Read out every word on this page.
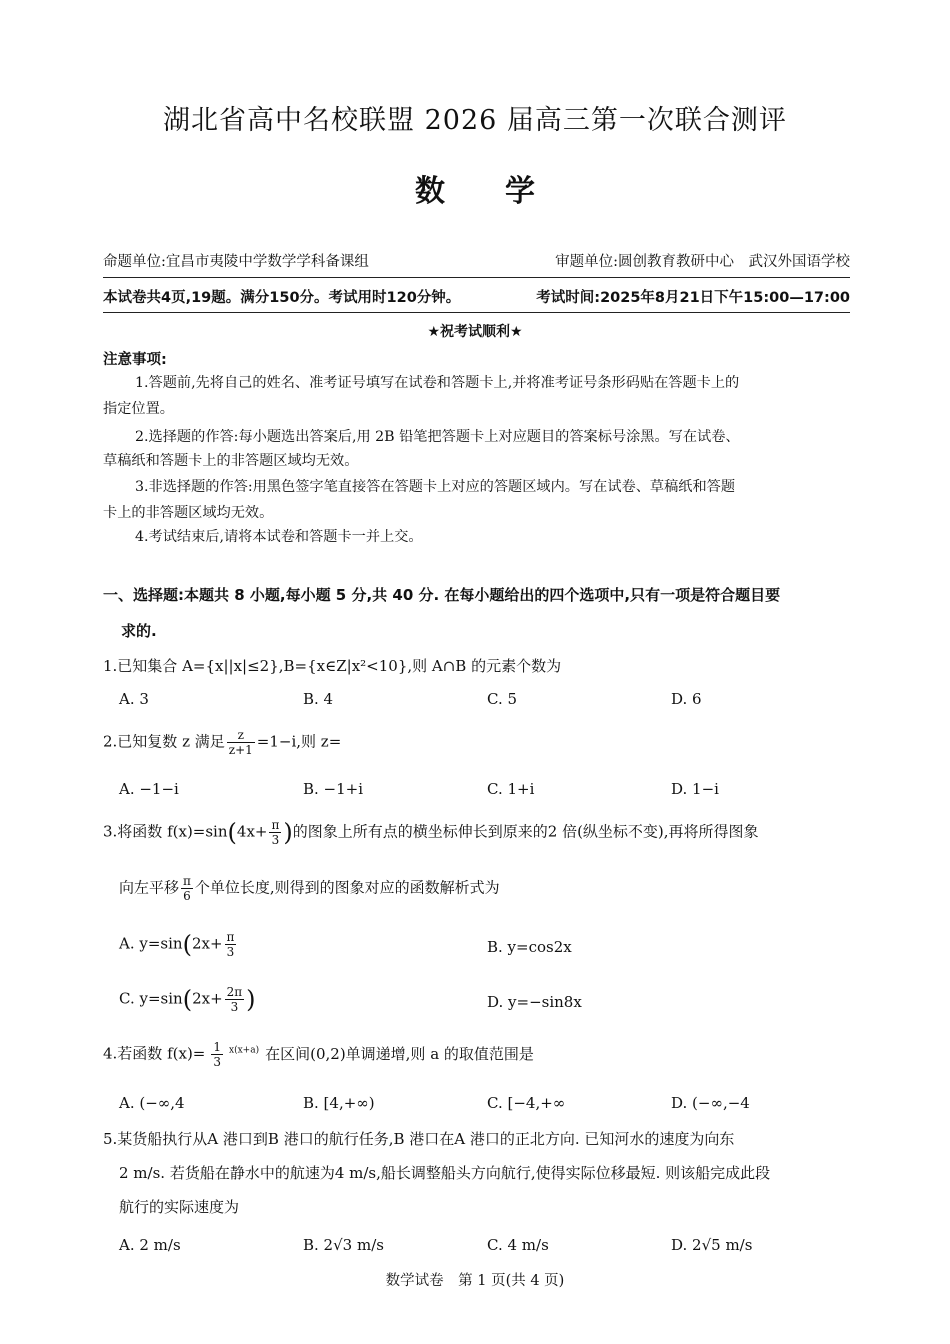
湖北省高中名校联盟 2026 届高三第一次联合测评
数学
命题单位:宜昌市夷陵中学数学学科备课组	审题单位:圆创教育教研中心　武汉外国语学校
本试卷共4页,19题。满分150分。考试用时120分钟。	考试时间:2025年8月21日下午15:00—17:00
★祝考试顺利★
注意事项:
1.答题前,先将自己的姓名、准考证号填写在试卷和答题卡上,并将准考证号条形码贴在答题卡上的
指定位置。
2.选择题的作答:每小题选出答案后,用 2B 铅笔把答题卡上对应题目的答案标号涂黑。写在试卷、
草稿纸和答题卡上的非答题区域均无效。
3.非选择题的作答:用黑色签字笔直接答在答题卡上对应的答题区域内。写在试卷、草稿纸和答题
卡上的非答题区域均无效。
4.考试结束后,请将本试卷和答题卡一并上交。
一、选择题:本题共 8 小题,每小题 5 分,共 40 分. 在每小题给出的四个选项中,只有一项是符合题目要
求的.
1.已知集合 A={x||x|≤2},B={x∈Z|x²<10},则 A∩B 的元素个数为
A. 3	B. 4	C. 5	D. 6
2.已知复数 z 满足 $\frac{z}{z+1} =1-i$,则 z=
A. −1−i	B. −1+i	C. 1+i	D. 1−i
3.将函数 $f(x)=\sin(4x+ \frac{\pi}{3}$ )的图象上所有点的横坐标伸长到原来的2 倍(纵坐标不变),再将所得图象
向左平移 $\frac{\pi}{6}$ 个单位长度,则得到的图象对应的函数解析式为
A. $y=\sin(2x+ \frac{\pi}{3}$	B. y=cos2x
C. $y=\sin(2x+ \frac{2\pi}{3}$ )	D. y=−sin8x
4.若函数 $f(x)= \frac{1}{3} ^{x(x+a)}$ 在区间(0,2)单调递增,则 a 的取值范围是
A. (−∞,4	B. [4,+∞)	C. [−4,+∞	D. (−∞,−4
5.某货船执行从A 港口到B 港口的航行任务,B 港口在A 港口的正北方向. 已知河水的速度为向东
2 m/s. 若货船在静水中的航速为4 m/s,船长调整船头方向航行,使得实际位移最短. 则该船完成此段
航行的实际速度为
A. 2 m/s	B. 2√3 m/s	C. 4 m/s	D. 2√5 m/s
数学试卷　第 1 页(共 4 页)
